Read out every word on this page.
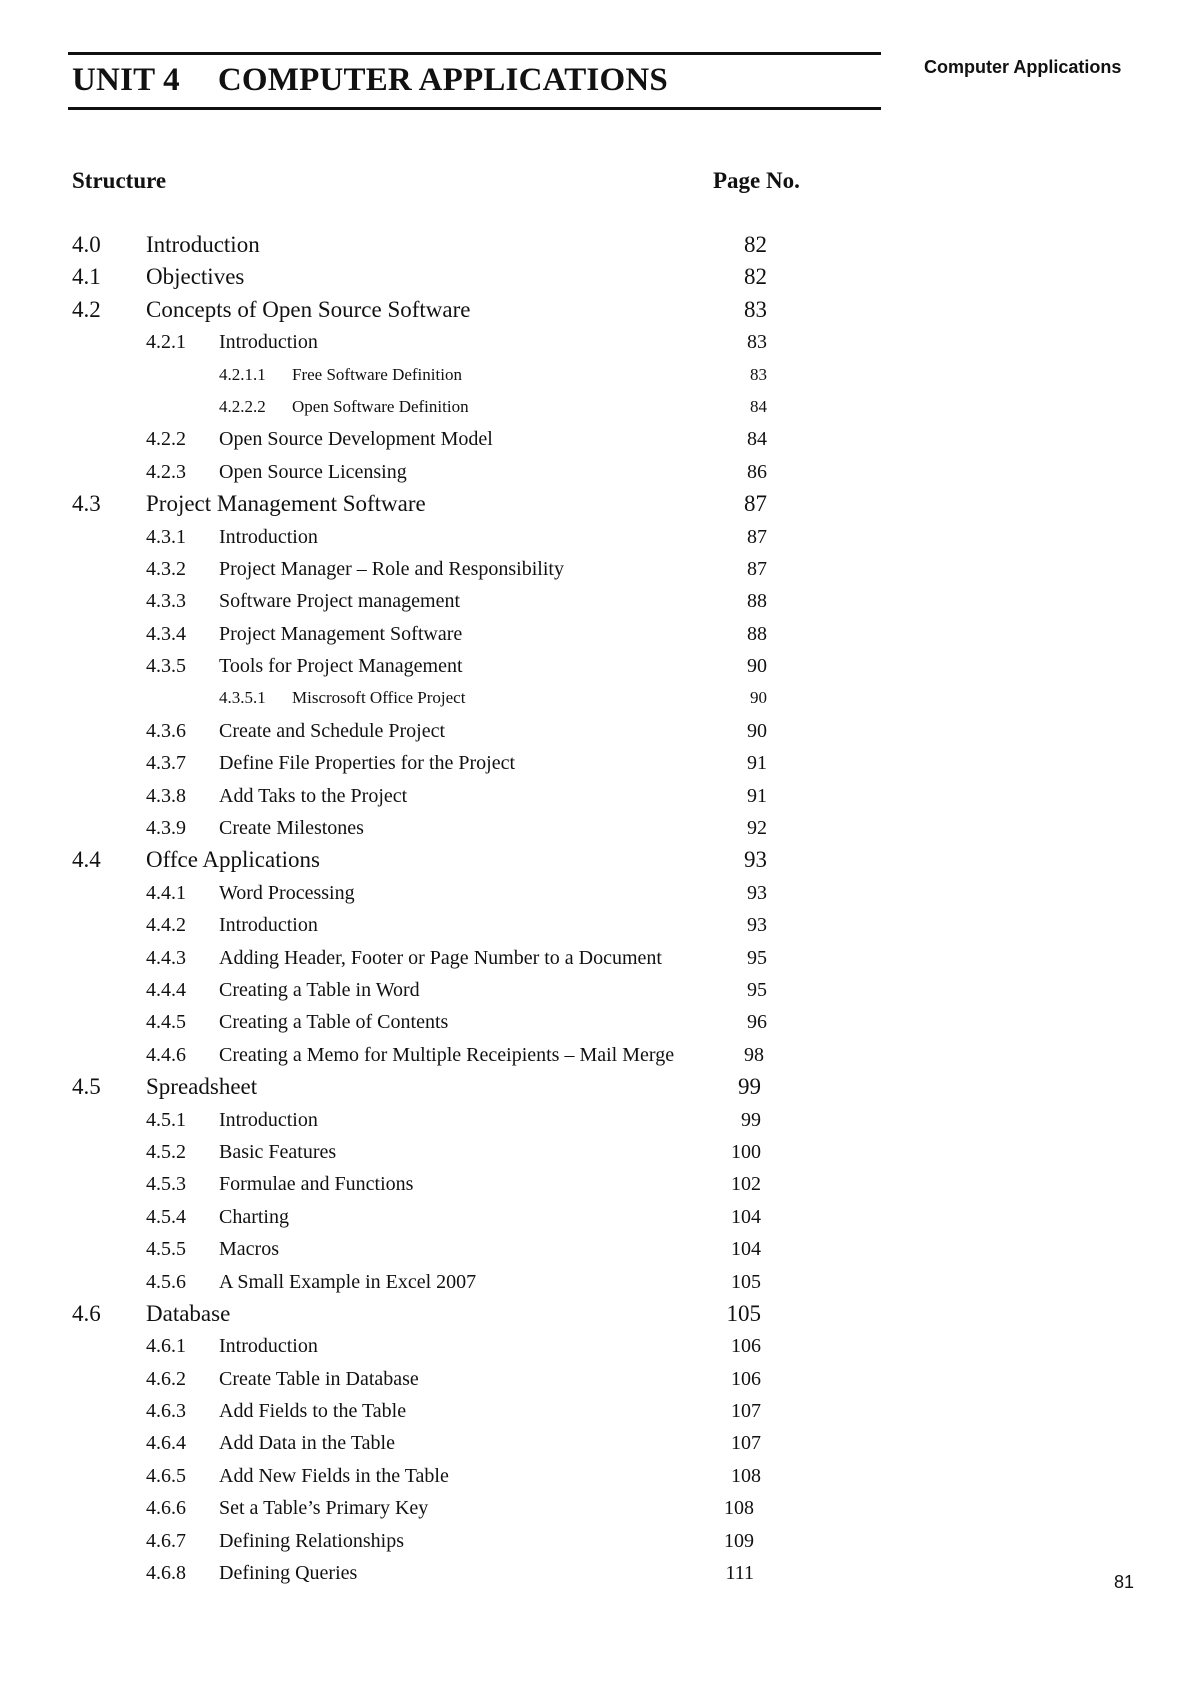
UNIT 4 COMPUTER APPLICATIONS	Computer Applications
Structure	Page No.
4.0 Introduction	82
4.1 Objectives	82
4.2 Concepts of Open Source Software	83
4.2.1 Introduction	83
4.2.1.1 Free Software Definition	83
4.2.2.2 Open Software Definition	84
4.2.2 Open Source Development Model	84
4.2.3 Open Source Licensing	86
4.3 Project Management Software	87
4.3.1 Introduction	87
4.3.2 Project Manager – Role and Responsibility	87
4.3.3 Software Project management	88
4.3.4 Project Management Software	88
4.3.5 Tools for Project Management	90
4.3.5.1 Miscrosoft Office Project	90
4.3.6 Create and Schedule Project	90
4.3.7 Define File Properties for the Project	91
4.3.8 Add Taks to the Project	91
4.3.9 Create Milestones	92
4.4 Offce Applications	93
4.4.1 Word Processing	93
4.4.2 Introduction	93
4.4.3 Adding Header, Footer or Page Number to a Document	95
4.4.4 Creating a Table in Word	95
4.4.5 Creating a Table of Contents	96
4.4.6 Creating a Memo for Multiple Receipients – Mail Merge	98
4.5 Spreadsheet	99
4.5.1 Introduction	99
4.5.2 Basic Features	100
4.5.3 Formulae and Functions	102
4.5.4 Charting	104
4.5.5 Macros	104
4.5.6 A Small Example in Excel 2007	105
4.6 Database	105
4.6.1 Introduction	106
4.6.2 Create Table in Database	106
4.6.3 Add Fields to the Table	107
4.6.4 Add Data in the Table	107
4.6.5 Add New Fields in the Table	108
4.6.6 Set a Table’s Primary Key	108
4.6.7 Defining Relationships	109
4.6.8 Defining Queries	111	81
